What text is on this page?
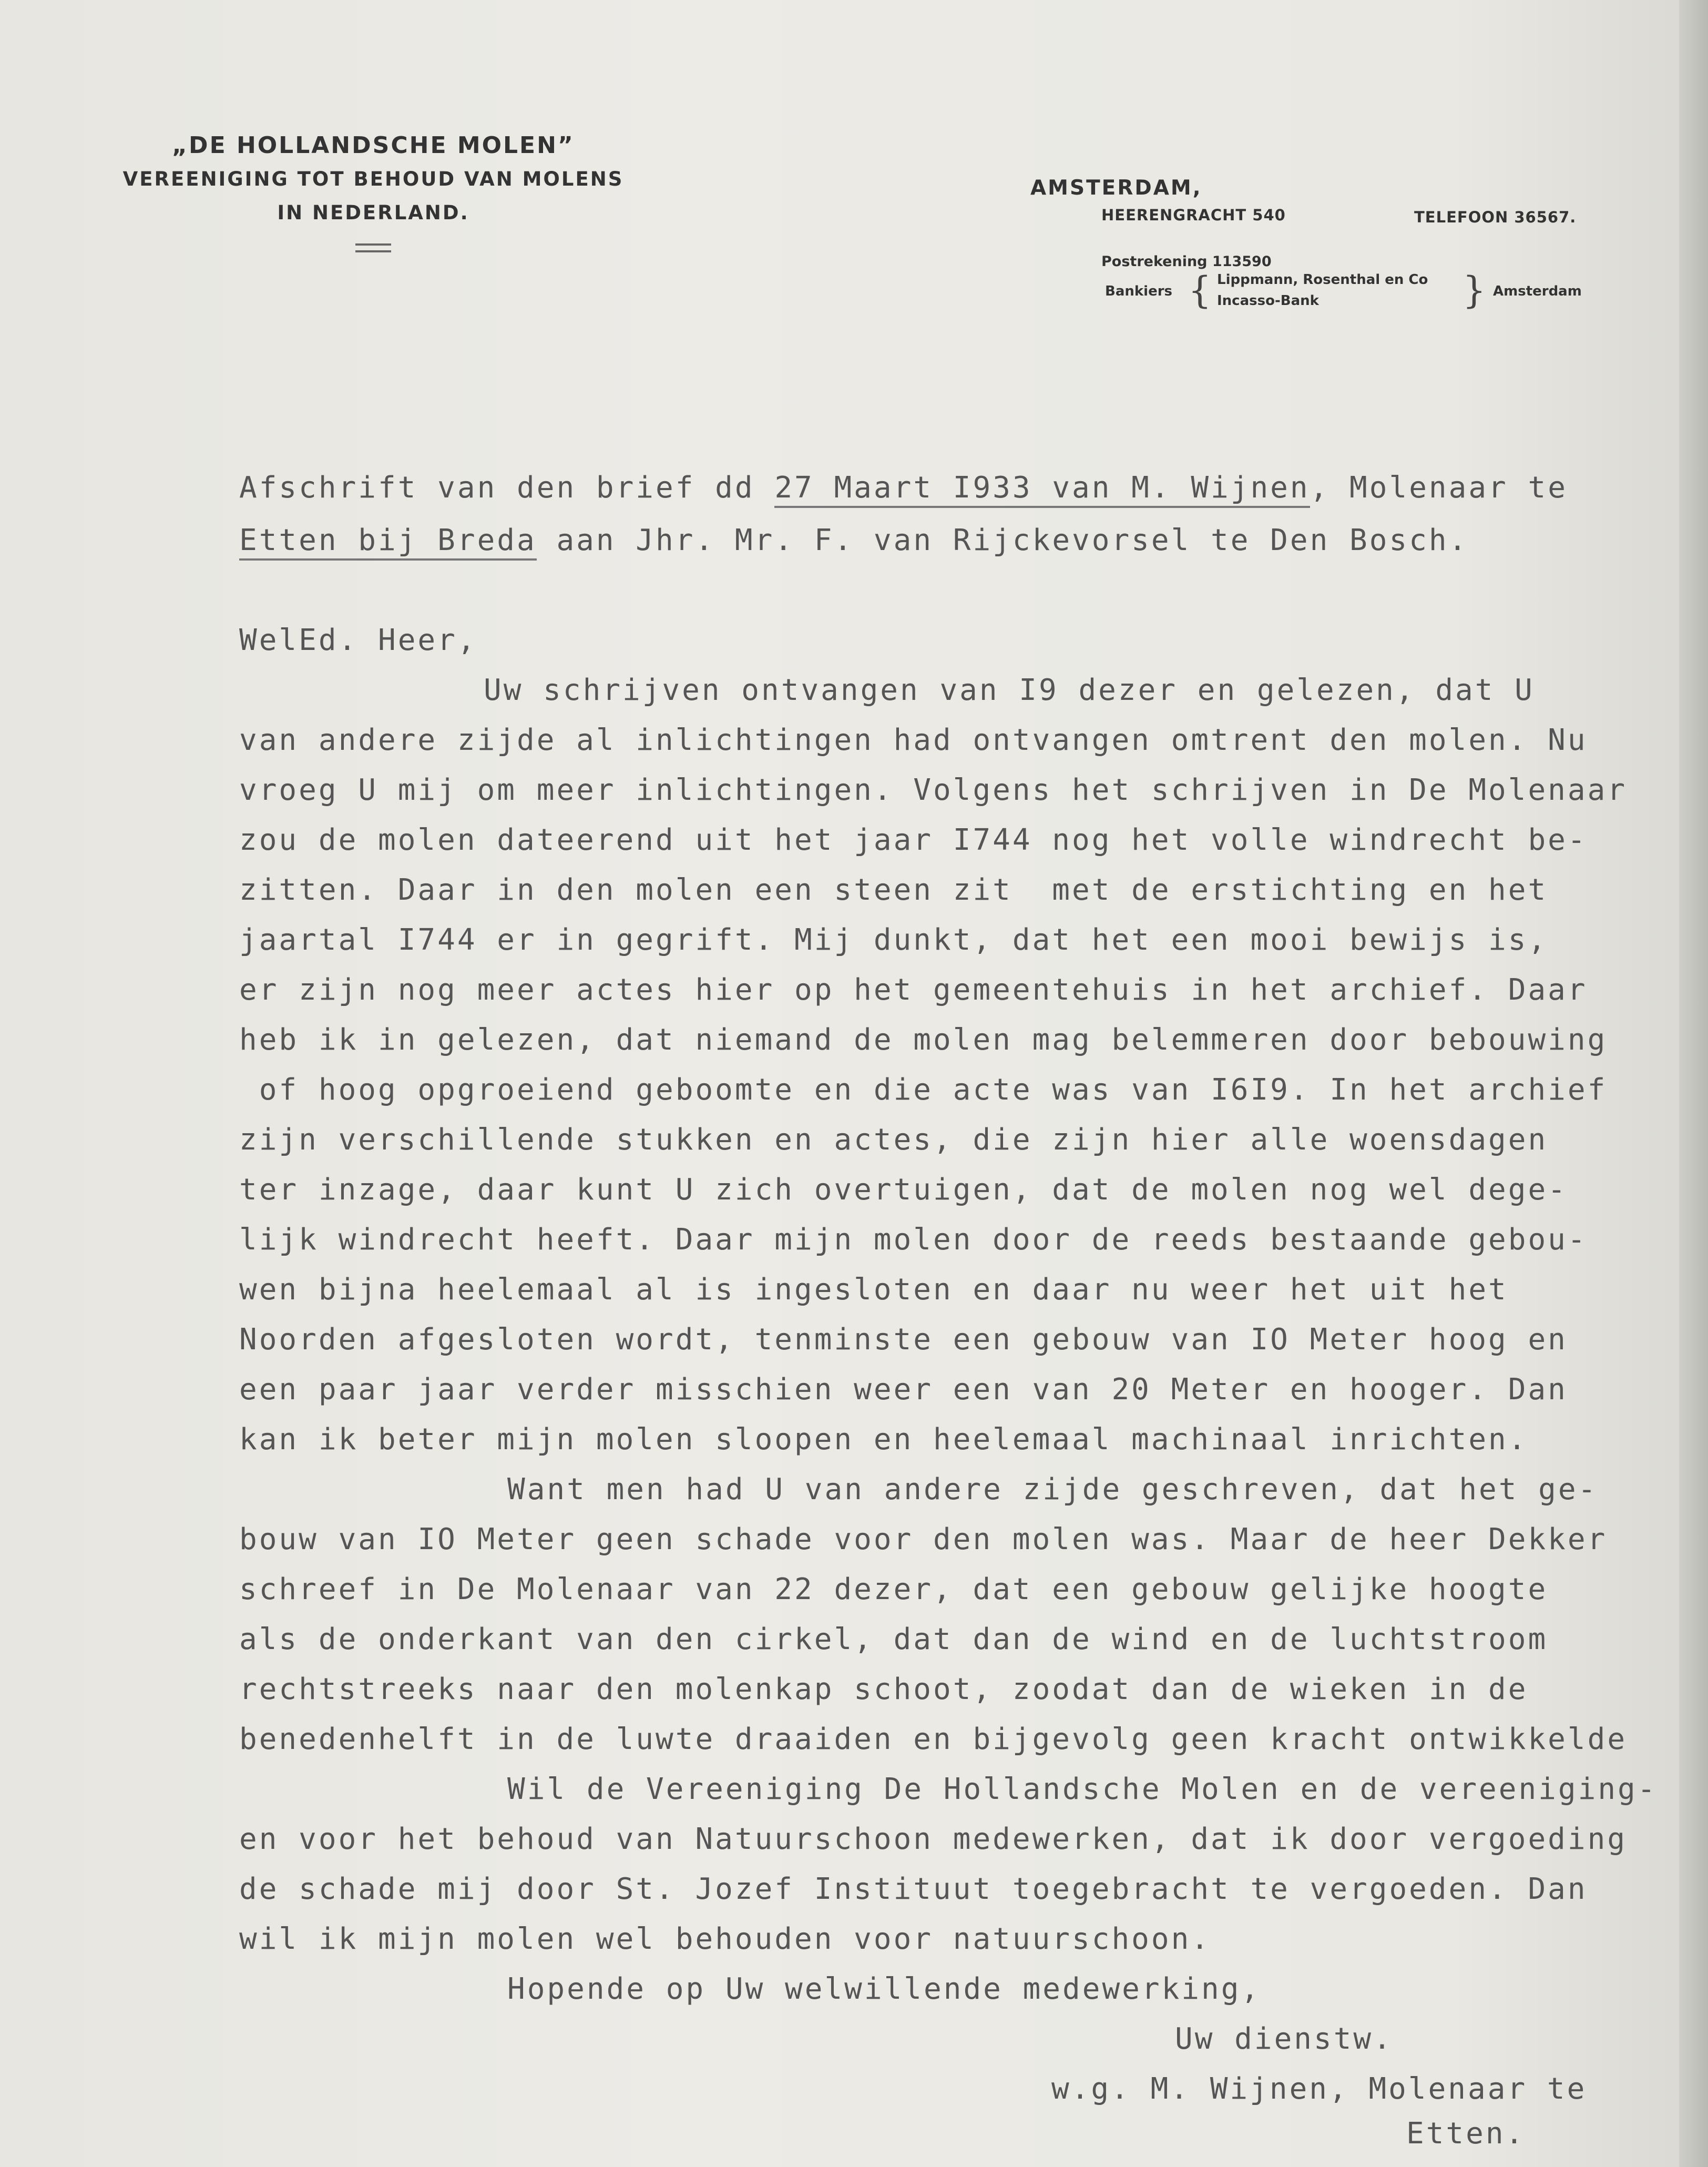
„DE HOLLANDSCHE MOLEN”
VEREENIGING TOT BEHOUD VAN MOLENS
IN NEDERLAND.
AMSTERDAM,
HEERENGRACHT 540	TELEFOON 36567.
Postrekening 113590
Bankiers { Lippmann, Rosenthal en Co
Incasso-Bank	} Amsterdam
Afschrift van den brief dd 27 Maart I933 van M. Wijnen, Molenaar te
Etten bij Breda aan Jhr. Mr. F. van Rijckevorsel te Den Bosch.
WelEd. Heer,
Uw schrijven ontvangen van I9 dezer en gelezen, dat U
van andere zijde al inlichtingen had ontvangen omtrent den molen. Nu
vroeg U mij om meer inlichtingen. Volgens het schrijven in De Molenaar
zou de molen dateerend uit het jaar I744 nog het volle windrecht be-
zitten. Daar in den molen een steen zit  met de erstichting en het
jaartal I744 er in gegrift. Mij dunkt, dat het een mooi bewijs is,
er zijn nog meer actes hier op het gemeentehuis in het archief. Daar
heb ik in gelezen, dat niemand de molen mag belemmeren door bebouwing
of hoog opgroeiend geboomte en die acte was van I6I9. In het archief
zijn verschillende stukken en actes, die zijn hier alle woensdagen
ter inzage, daar kunt U zich overtuigen, dat de molen nog wel dege-
lijk windrecht heeft. Daar mijn molen door de reeds bestaande gebou-
wen bijna heelemaal al is ingesloten en daar nu weer het uit het
Noorden afgesloten wordt, tenminste een gebouw van IO Meter hoog en
een paar jaar verder misschien weer een van 20 Meter en hooger. Dan
kan ik beter mijn molen sloopen en heelemaal machinaal inrichten.
Want men had U van andere zijde geschreven, dat het ge-
bouw van IO Meter geen schade voor den molen was. Maar de heer Dekker
schreef in De Molenaar van 22 dezer, dat een gebouw gelijke hoogte
als de onderkant van den cirkel, dat dan de wind en de luchtstroom
rechtstreeks naar den molenkap schoot, zoodat dan de wieken in de
benedenhelft in de luwte draaiden en bijgevolg geen kracht ontwikkelde
Wil de Vereeniging De Hollandsche Molen en de vereeniging-
en voor het behoud van Natuurschoon medewerken, dat ik door vergoeding
de schade mij door St. Jozef Instituut toegebracht te vergoeden. Dan
wil ik mijn molen wel behouden voor natuurschoon.
Hopende op Uw welwillende medewerking,
Uw dienstw.
w.g. M. Wijnen, Molenaar te
Etten.
